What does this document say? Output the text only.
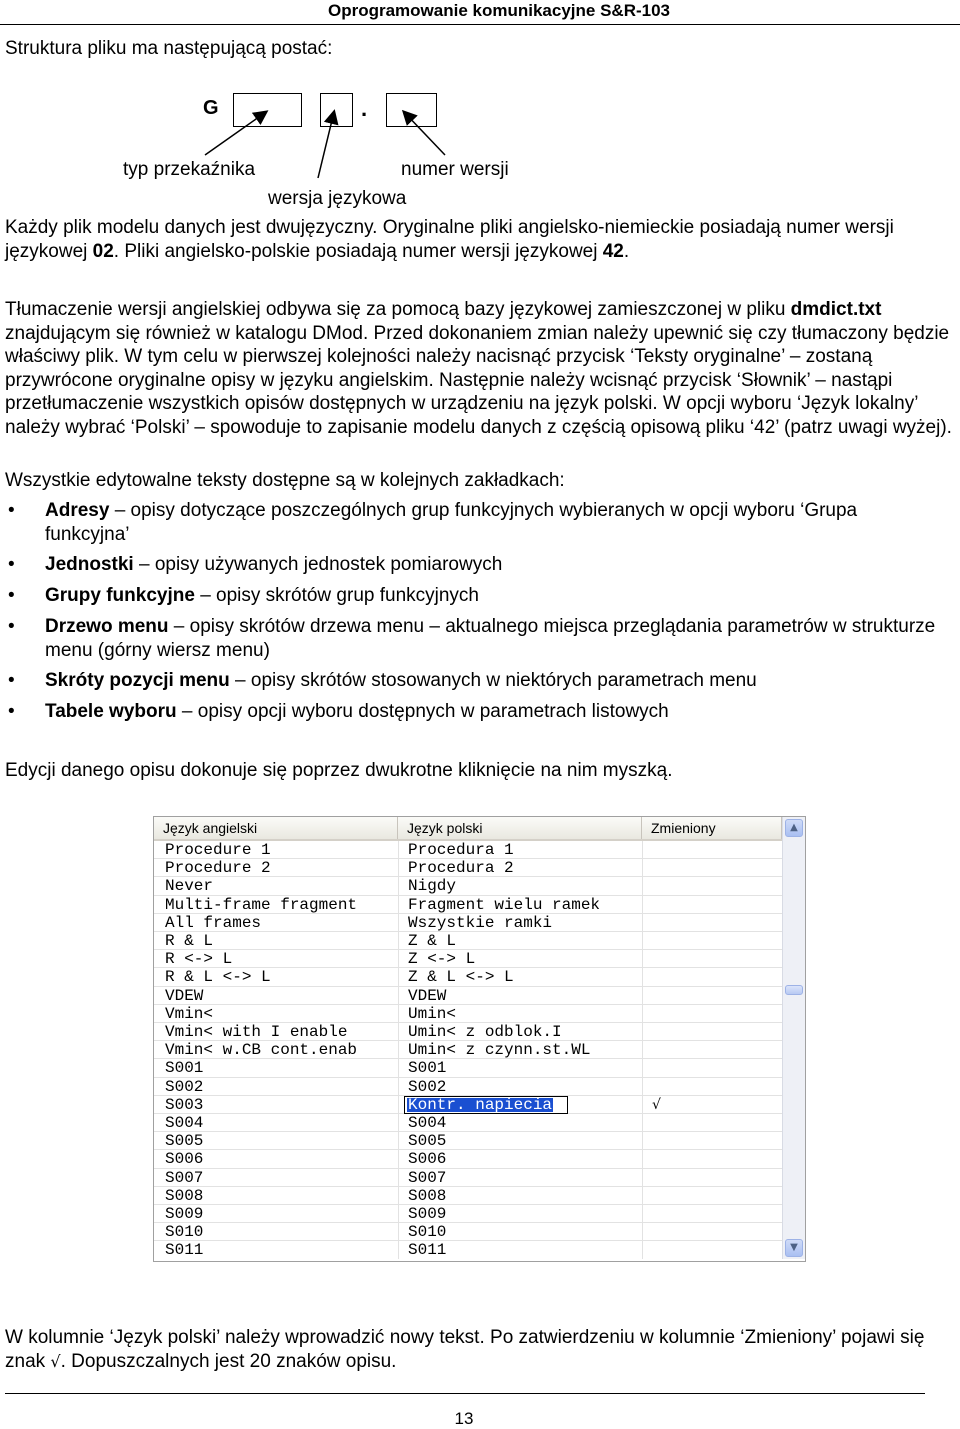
Oprogramowanie komunikacyjne S&R-103
Struktura pliku ma następującą postać:
G	.
typ przekaźnika	numer wersji
wersja językowa
Każdy plik modelu danych jest dwujęzyczny. Oryginalne pliki angielsko-niemieckie posiadają numer wersji językowej 02. Pliki angielsko-polskie posiadają numer wersji językowej 42.
Tłumaczenie wersji angielskiej odbywa się za pomocą bazy językowej zamieszczonej w pliku dmdict.txt znajdującym się również w katalogu DMod. Przed dokonaniem zmian należy upewnić się czy tłumaczony będzie właściwy plik. W tym celu w pierwszej kolejności należy nacisnąć przycisk ‘Teksty oryginalne’ – zostaną przywrócone oryginalne opisy w języku angielskim. Następnie należy wcisnąć przycisk ‘Słownik’ – nastąpi przetłumaczenie wszystkich opisów dostępnych w urządzeniu na język polski. W opcji wyboru ‘Język lokalny’ należy wybrać ‘Polski’ – spowoduje to zapisanie modelu danych z częścią opisową pliku ‘42’ (patrz uwagi wyżej).
Wszystkie edytowalne teksty dostępne są w kolejnych zakładkach:
• Adresy – opisy dotyczące poszczególnych grup funkcyjnych wybieranych w opcji wyboru ‘Grupa funkcyjna’
• Jednostki – opisy używanych jednostek pomiarowych
• Grupy funkcyjne – opisy skrótów grup funkcyjnych
• Drzewo menu – opisy skrótów drzewa menu – aktualnego miejsca przeglądania parametrów w strukturze menu (górny wiersz menu)
• Skróty pozycji menu – opisy skrótów stosowanych w niektórych parametrach menu
• Tabele wyboru – opisy opcji wyboru dostępnych w parametrach listowych
Edycji danego opisu dokonuje się poprzez dwukrotne kliknięcie na nim myszką.
Język angielski	Język polski	Zmieniony
Procedure 1	Procedura 1
Procedure 2	Procedura 2
Never	Nigdy
Multi-frame fragment	Fragment wielu ramek
All frames	Wszystkie ramki
R & L	Z & L
R <-> L	Z <-> L
R & L <-> L	Z & L <-> L
VDEW	VDEW
Vmin<	Umin<
Vmin< with I enable	Umin< z odblok.I
Vmin< w.CB cont.enab	Umin< z czynn.st.WL
S001	S001
S002	S002
S003	Kontr. napiecia	√
S004	S004
S005	S005
S006	S006
S007	S007
S008	S008
S009	S009
S010	S010
S011	S011
▲
▼
W kolumnie ‘Język polski’ należy wprowadzić nowy tekst. Po zatwierdzeniu w kolumnie ‘Zmieniony’ pojawi się znak √. Dopuszczalnych jest 20 znaków opisu.
13
